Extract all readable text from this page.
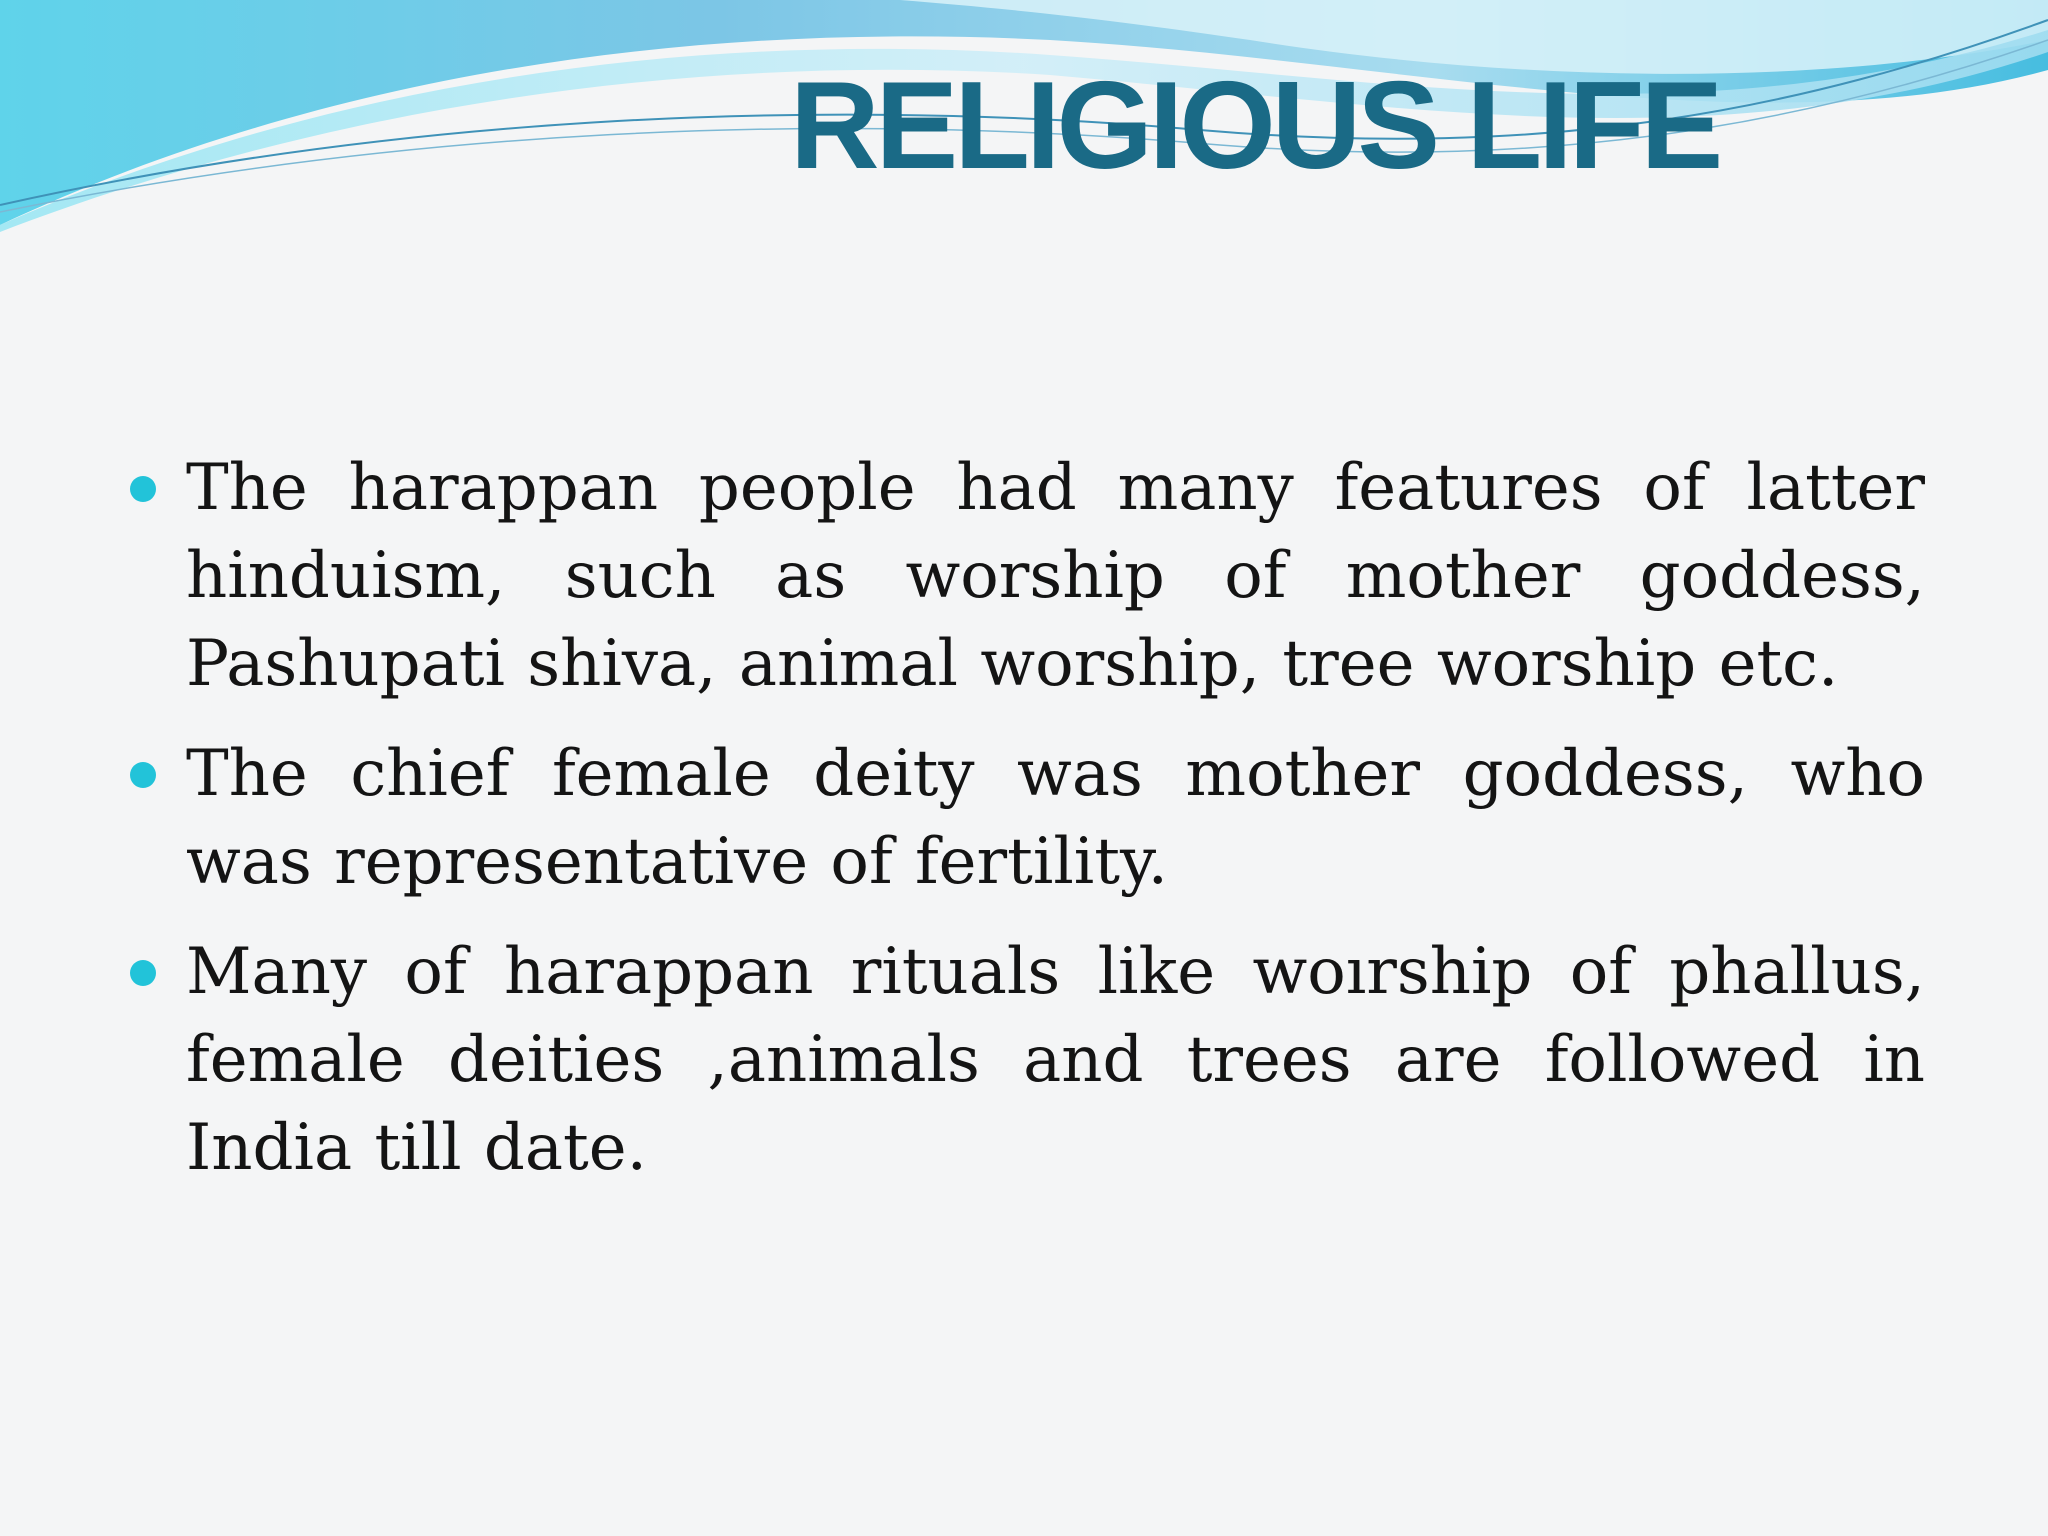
RELIGIOUS LIFE
The harappan people had many features of latter hinduism, such as worship of mother goddess, Pashupati shiva, animal worship, tree worship etc.
The chief female deity was mother goddess, who was representative of fertility.
Many of harappan rituals like woırship of phallus, female deities ,animals and trees are followed in India till date.
